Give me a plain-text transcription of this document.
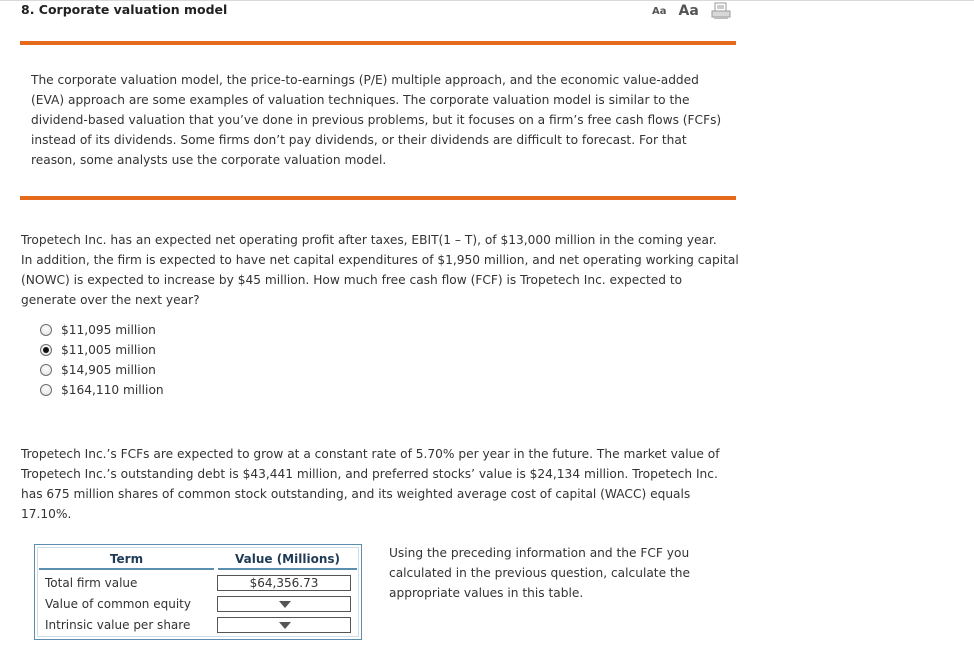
8. Corporate valuation model	Aa Aa
The corporate valuation model, the price-to-earnings (P/E) multiple approach, and the economic value-added
(EVA) approach are some examples of valuation techniques. The corporate valuation model is similar to the
dividend-based valuation that you’ve done in previous problems, but it focuses on a firm’s free cash flows (FCFs)
instead of its dividends. Some firms don’t pay dividends, or their dividends are difficult to forecast. For that
reason, some analysts use the corporate valuation model.
Tropetech Inc. has an expected net operating profit after taxes, EBIT(1 – T), of $13,000 million in the coming year.
In addition, the firm is expected to have net capital expenditures of $1,950 million, and net operating working capital
(NOWC) is expected to increase by $45 million. How much free cash flow (FCF) is Tropetech Inc. expected to
generate over the next year?
$11,095 million
$11,005 million
$14,905 million
$164,110 million
Tropetech Inc.’s FCFs are expected to grow at a constant rate of 5.70% per year in the future. The market value of
Tropetech Inc.’s outstanding debt is $43,441 million, and preferred stocks’ value is $24,134 million. Tropetech Inc.
has 675 million shares of common stock outstanding, and its weighted average cost of capital (WACC) equals
17.10%.
Term	Value (Millions)
Total firm value	$64,356.73
Value of common equity
Intrinsic value per share
Using the preceding information and the FCF you
calculated in the previous question, calculate the
appropriate values in this table.
